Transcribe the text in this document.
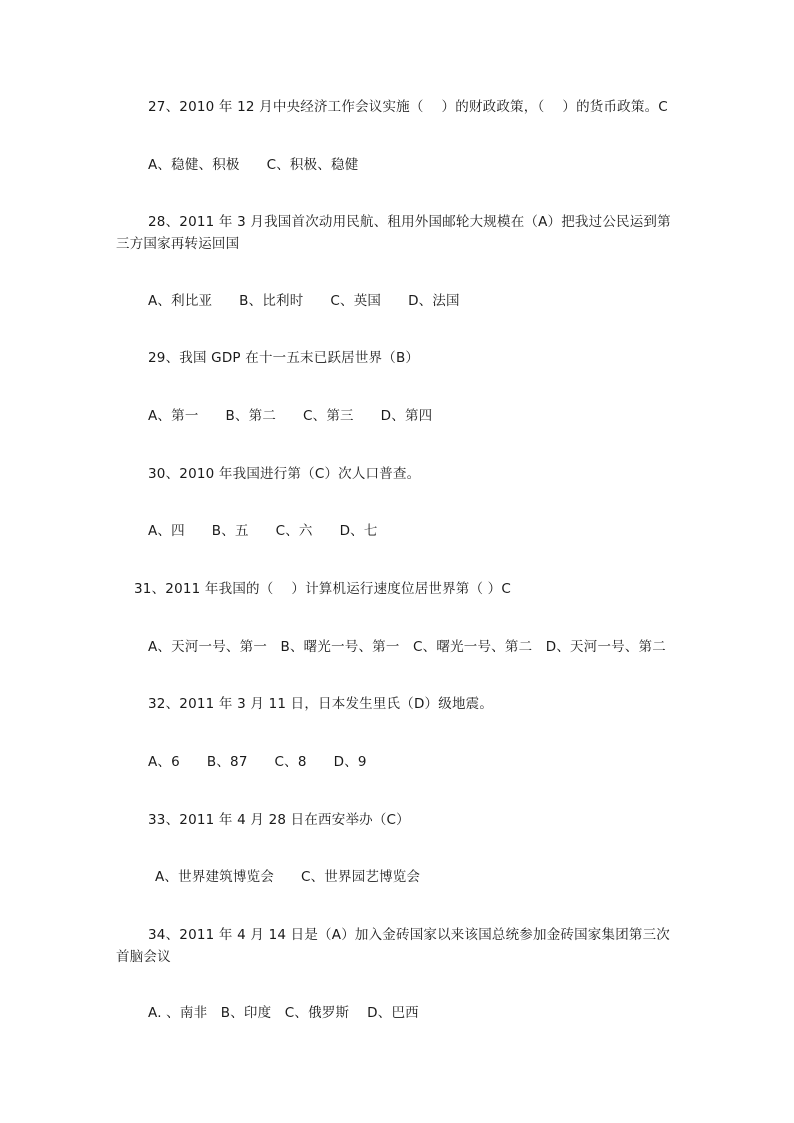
27、2010 年 12 月中央经济工作会议实施（    ）的财政政策，（    ）的货币政策。C
A、稳健、积极      C、积极、稳健
28、2011 年 3 月我国首次动用民航、租用外国邮轮大规模在（A）把我过公民运到第三方国家再转运回国
A、利比亚      B、比利时      C、英国      D、法国
29、我国 GDP 在十一五末已跃居世界（B）
A、第一      B、第二      C、第三      D、第四
30、2010 年我国进行第（C）次人口普查。
A、四      B、五      C、六      D、七
31、2011 年我国的（    ）计算机运行速度位居世界第（ ）C
A、天河一号、第一   B、曙光一号、第一   C、曙光一号、第二   D、天河一号、第二
32、2011 年 3 月 11 日，日本发生里氏（D）级地震。
A、6      B、87      C、8      D、9
33、2011 年 4 月 28 日在西安举办（C）
A、世界建筑博览会      C、世界园艺博览会
34、2011 年 4 月 14 日是（A）加入金砖国家以来该国总统参加金砖国家集团第三次首脑会议
A. 、南非   B、印度   C、俄罗斯    D、巴西
